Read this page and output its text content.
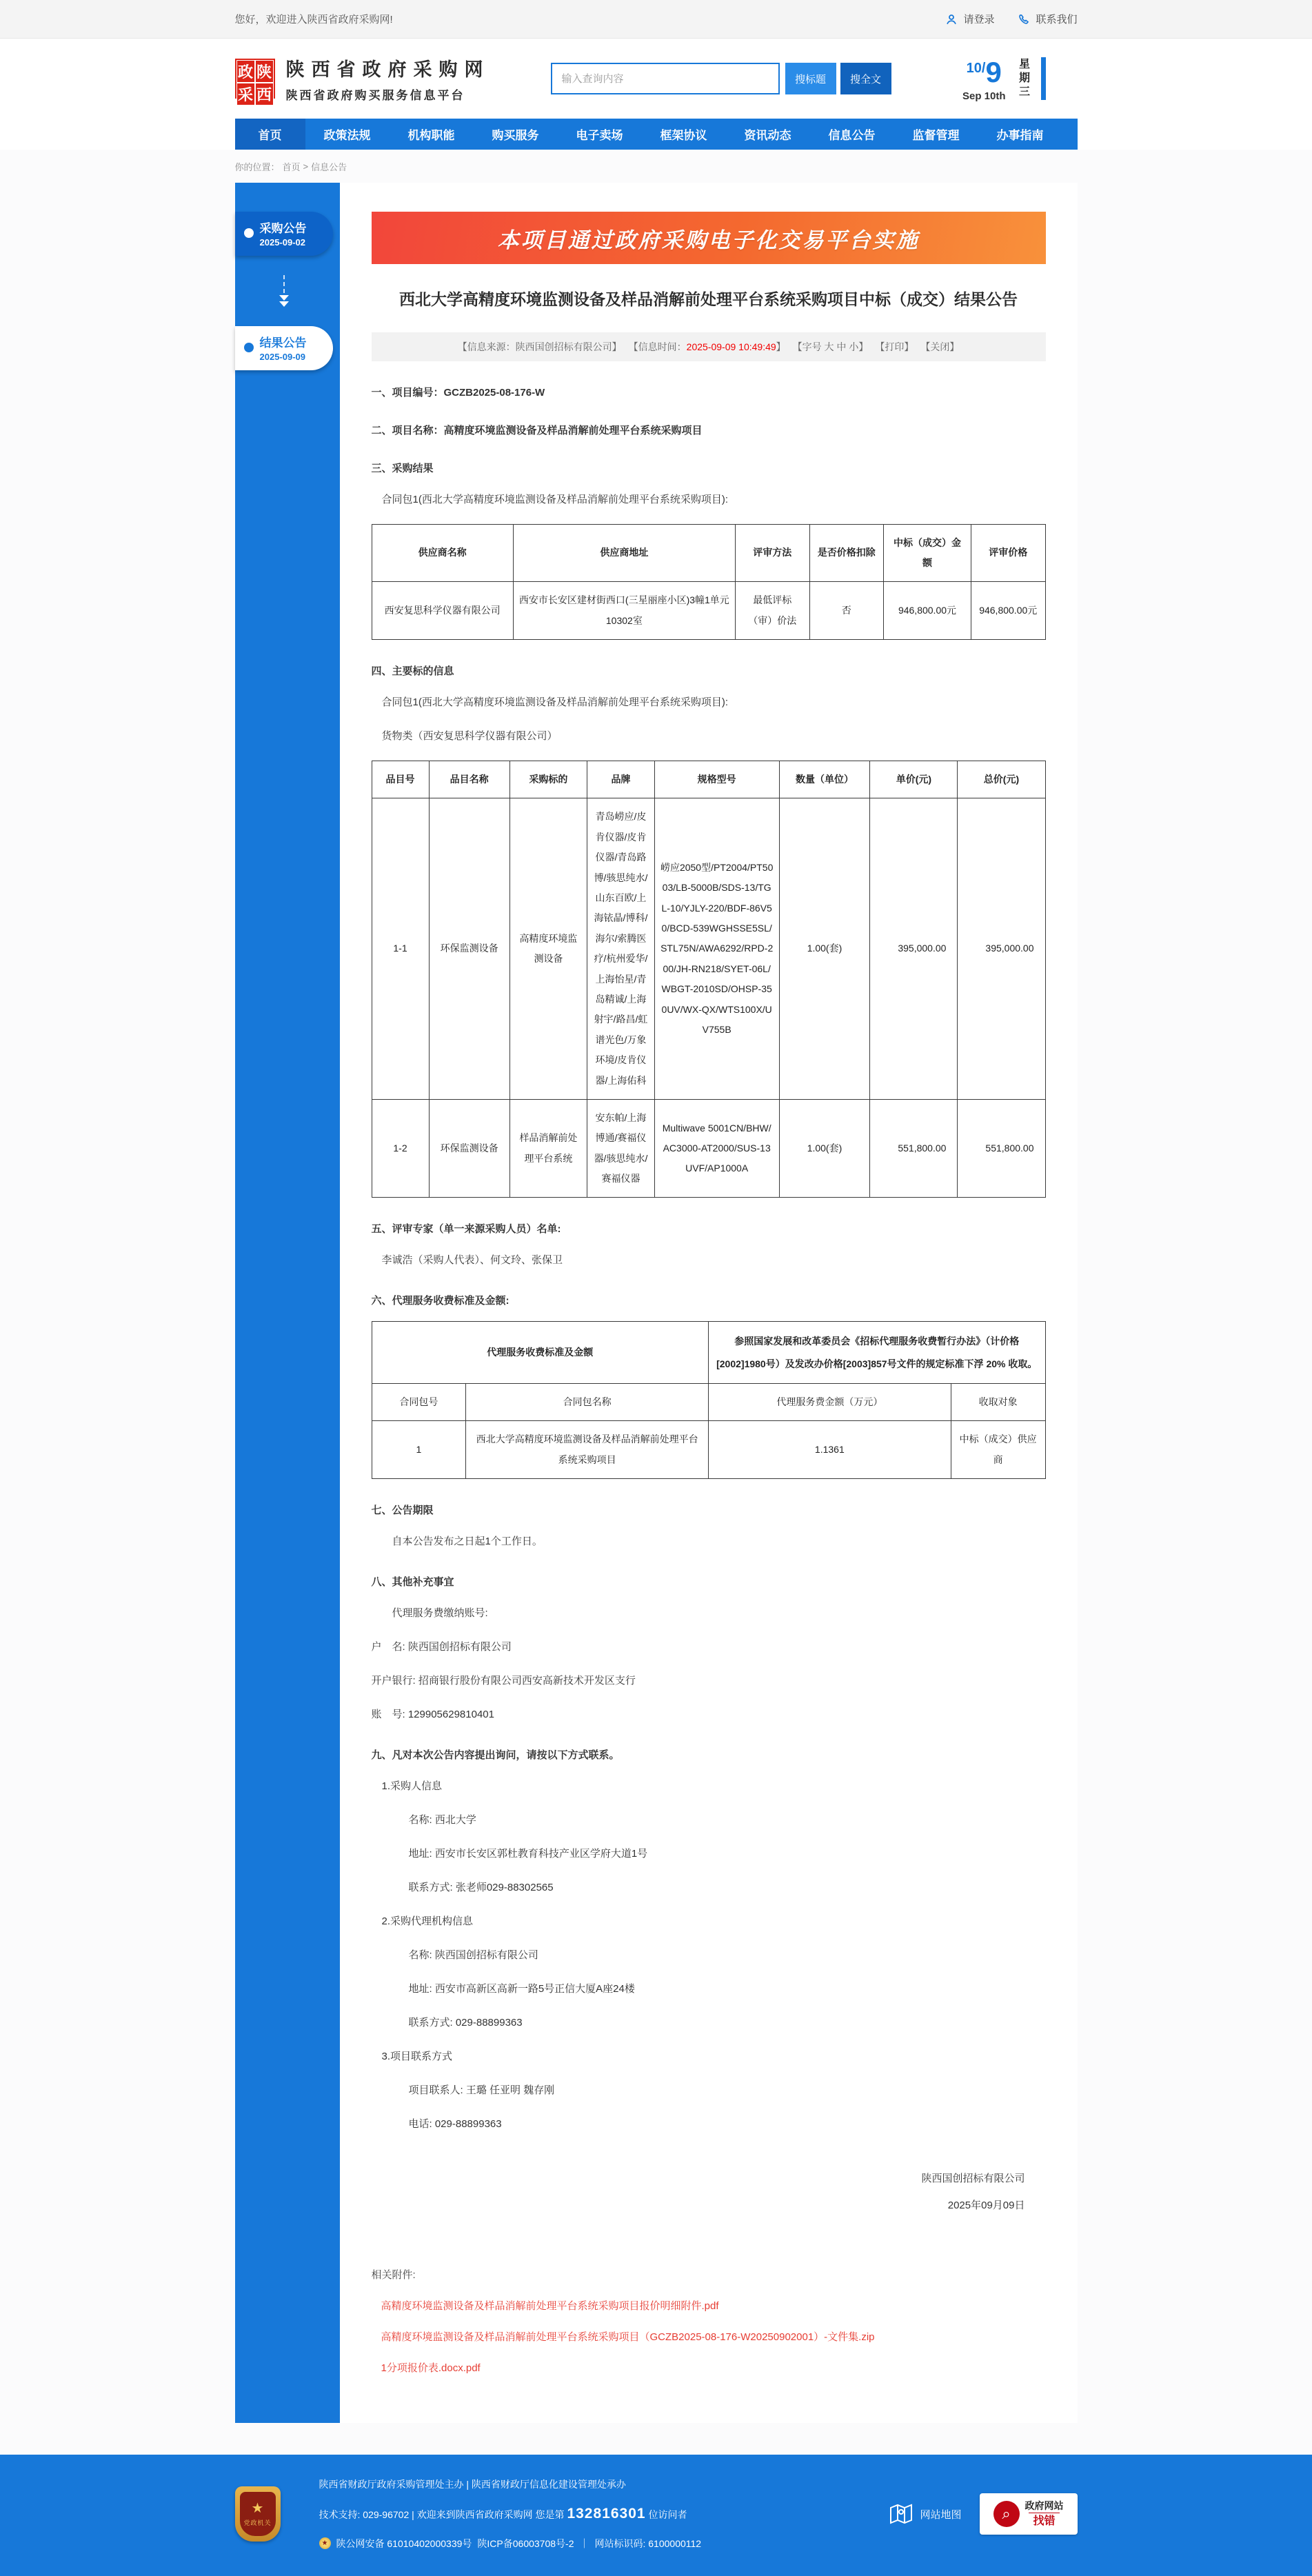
您好，欢迎进入陕西省政府采购网!	请登录	联系我们
政 陕
采 西
陕西省政府采购网
陕西省政府购买服务信息平台
输入查询内容
搜标题	搜全文
10/9
Sep 10th 星期三
首页	政策法规	机构职能	购买服务	电子卖场	框架协议	资讯动态	信息公告	监督管理	办事指南
你的位置： 首页 > 信息公告
采购公告
2025-09-02
结果公告
2025-09-09
本项目通过政府采购电子化交易平台实施
西北大学高精度环境监测设备及样品消解前处理平台系统采购项目中标（成交）结果公告
【信息来源：陕西国创招标有限公司】 【信息时间：2025-09-09 10:49:49】 【字号 大 中 小】 【打印】 【关闭】
一、项目编号：GCZB2025-08-176-W
二、项目名称：高精度环境监测设备及样品消解前处理平台系统采购项目
三、采购结果

合同包1(西北大学高精度环境监测设备及样品消解前处理平台系统采购项目):

供应商名称	供应商地址	评审方法	是否价格扣除	中标（成交）金额	评审价格
西安复思科学仪器有限公司	西安市长安区建材街西口(三星丽座小区)3幢1单元10302室	最低评标（审）价法	否	946,800.00元	946,800.00元
四、主要标的信息

合同包1(西北大学高精度环境监测设备及样品消解前处理平台系统采购项目):

货物类（西安复思科学仪器有限公司）

品目号	品目名称	采购标的	品牌	规格型号	数量（单位）	单价(元)	总价(元)
1-1	环保监测设备	高精度环境监测设备	青岛崂应/皮肯仪器/皮肯仪器/青岛路博/骇思纯水/山东百欧/上海铱晶/博科/海尔/索腾医疗/杭州爱华/上海怡星/青岛精诚/上海射宇/路昌/虹谱光色/万象环境/皮肯仪器/上海佑科	崂应2050型/PT2004/PT5003/LB-5000B/SDS-13/TGL-10/YJLY-220/BDF-86V50/BCD-539WGHSSE5SL/STL75N/AWA6292/RPD-200/JH-RN218/SYET-06L/WBGT-2010SD/OHSP-350UV/WX-QX/WTS100X/UV755B	1.00(套)	395,000.00	395,000.00
1-2	环保监测设备	样品消解前处理平台系统	安东帕/上海博通/赛福仪器/骇思纯水/赛福仪器	Multiwave 5001CN/BHW/AC3000-AT2000/SUS-13UVF/AP1000A	1.00(套)	551,800.00	551,800.00
五、评审专家（单一来源采购人员）名单:

李诚浩（采购人代表）、何文玲、张保卫

六、代理服务收费标准及金额:
代理服务收费标准及金额		参照国家发展和改革委员会《招标代理服务收费暂行办法》（计价格[2002]1980号）及发改办价格[2003]857号文件的规定标准下浮 20% 收取。	
合同包号	合同包名称	代理服务费金额（万元）	收取对象
1	西北大学高精度环境监测设备及样品消解前处理平台系统采购项目	1.1361	中标（成交）供应商
七、公告期限

自本公告发布之日起1个工作日。

八、其他补充事宜

代理服务费缴纳账号:

户　名: 陕西国创招标有限公司

开户银行: 招商银行股份有限公司西安高新技术开发区支行

账　号: 129905629810401

九、凡对本次公告内容提出询问，请按以下方式联系。

1.采购人信息

名称: 西北大学

地址: 西安市长安区郭杜教育科技产业区学府大道1号

联系方式: 张老师029-88302565

2.采购代理机构信息

名称: 陕西国创招标有限公司

地址: 西安市高新区高新一路5号正信大厦A座24楼

联系方式: 029-88899363

3.项目联系方式

项目联系人: 王璐 任亚明 魏存刚

电话: 029-88899363

陕西国创招标有限公司
2025年09月09日
相关附件:
高精度环境监测设备及样品消解前处理平台系统采购项目报价明细附件.pdf
高精度环境监测设备及样品消解前处理平台系统采购项目（GCZB2025-08-176-W20250902001）-文件集.zip
1分项报价表.docx.pdf
★
党政机关
陕西省财政厅政府采购管理处主办 | 陕西省财政厅信息化建设管理处承办
技术支持: 029-96702 | 欢迎来到陕西省政府采购网 您是第 132816301 位访问者
★ 陕公网安备 61010402000339号 陕ICP备06003708号-2 ｜ 网站标识码: 6100000112
网站地图	⌕	政府网站
找错
